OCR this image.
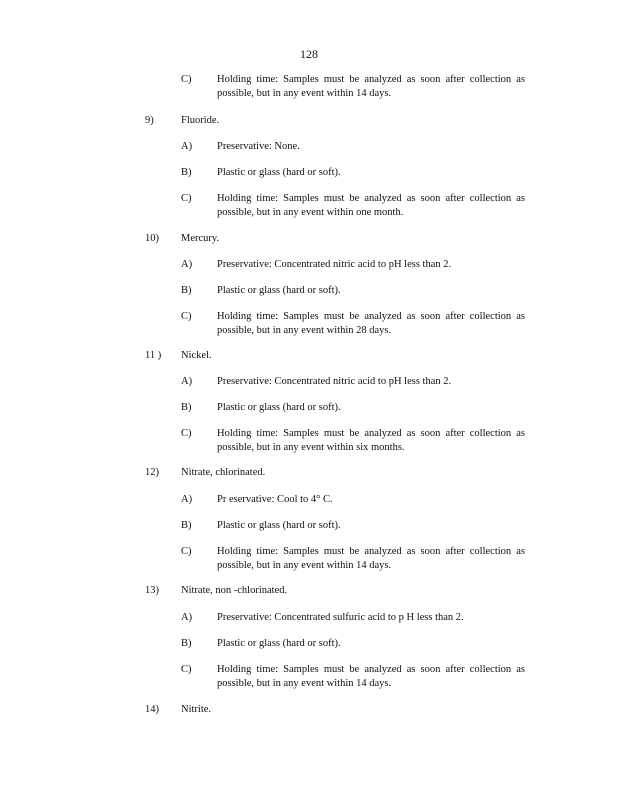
128
C) Holding time: Samples must be analyzed as soon after collection as possible, but in any event within 14 days.
9)	Fluoride.
A) Preservative: None.
B) Plastic or glass (hard or soft).
C) Holding time: Samples must be analyzed as soon after collection as possible, but in any event within one month.
10) Mercury.
A) Preservative: Concentrated nitric acid to pH less than 2.
B) Plastic or glass (hard or soft).
C) Holding time: Samples must be analyzed as soon after collection as possible, but in any event within 28 days.
11 ) Nickel.
A) Preservative: Concentrated nitric acid to pH less than 2.
B) Plastic or glass (hard or soft).
C) Holding time: Samples must be analyzed as soon after collection as possible, but in any event within six months.
12) Nitrate, chlorinated.
A) Pr eservative: Cool to 4° C.
B) Plastic or glass (hard or soft).
C) Holding time: Samples must be analyzed as soon after collection as possible, but in any event within 14 days.
13) Nitrate, non -chlorinated.
A) Preservative: Concentrated sulfuric acid to p H less than 2.
B) Plastic or glass (hard or soft).
C) Holding time: Samples must be analyzed as soon after collection as possible, but in any event within 14 days.
14) Nitrite.
